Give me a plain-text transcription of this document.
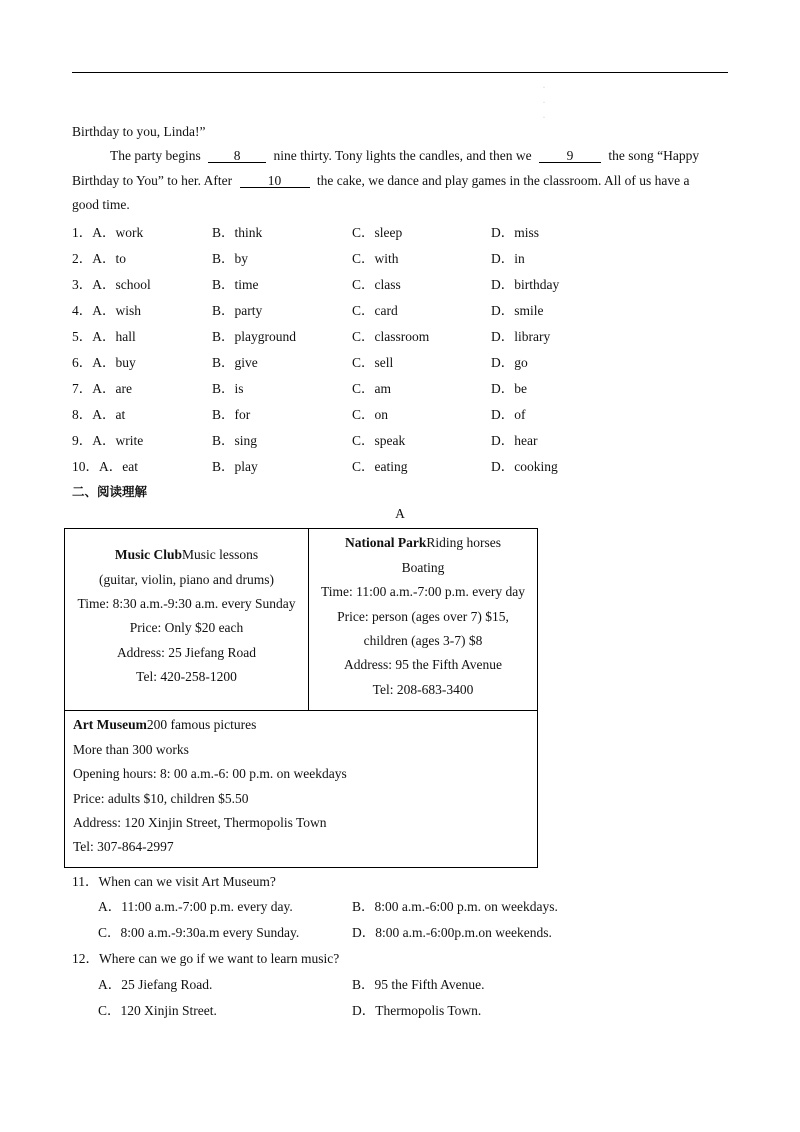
·
·
·
Birthday to you, Linda!”
The party begins 8 nine thirty. Tony lights the candles, and then we	9	the song “Happy
Birthday to You” to her. After	10	the cake, we dance and play games in the classroom. All of us have a
good time.
1．A．work	B．think	C．sleep	D．miss
2．A．to	B．by	C．with	D．in
3．A．school	B．time	C．class	D．birthday
4．A．wish	B．party	C．card	D．smile
5．A．hall	B．playground	C．classroom	D．library
6．A．buy	B．give	C．sell	D．go
7．A．are	B．is	C．am	D．be
8．A．at	B．for	C．on	D．of
9．A．write	B．sing	C．speak	D．hear
10．A．eat	B．play	C．eating	D．cooking
二、阅读理解
A
Music ClubMusic lessons
(guitar, violin, piano and drums)
Time: 8:30 a.m.-9:30 a.m. every Sunday
Price: Only $20 each
Address: 25 Jiefang Road
Tel: 420-258-1200
National ParkRiding horses
Boating
Time: 11:00 a.m.-7:00 p.m. every day
Price: person (ages over 7) $15,
children (ages 3-7) $8
Address: 95 the Fifth Avenue
Tel: 208-683-3400
Art Museum200 famous pictures
More than 300 works
Opening hours: 8: 00 a.m.-6: 00 p.m. on weekdays
Price: adults $10, children $5.50
Address: 120 Xinjin Street, Thermopolis Town
Tel: 307-864-2997
11．When can we visit Art Museum?
A．11:00 a.m.-7:00 p.m. every day.	B．8:00 a.m.-6:00 p.m. on weekdays.
C．8:00 a.m.-9:30a.m every Sunday.	D．8:00 a.m.-6:00p.m.on weekends.
12．Where can we go if we want to learn music?
A．25 Jiefang Road.	B．95 the Fifth Avenue.
C．120 Xinjin Street.	D．Thermopolis Town.
